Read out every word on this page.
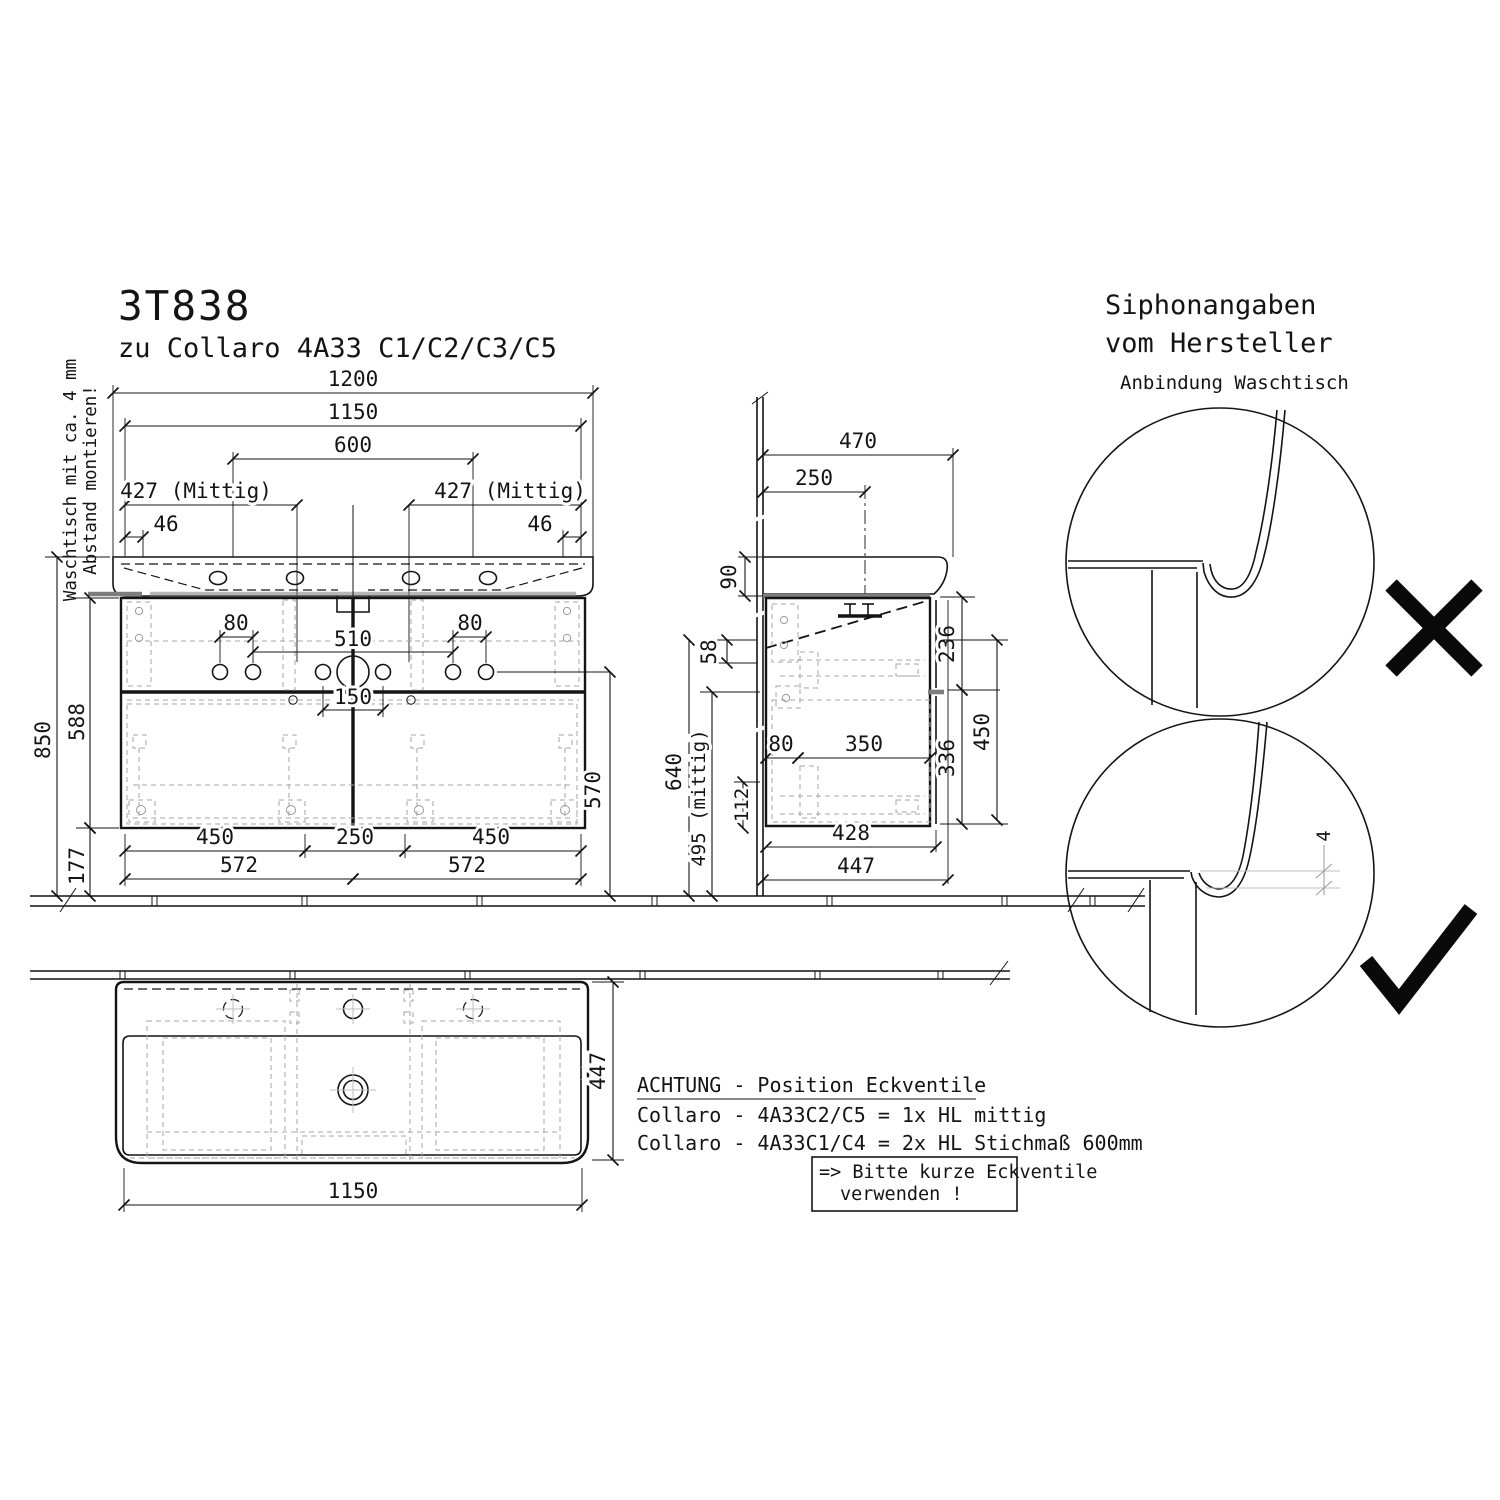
3T838
zu Collaro 4A33 C1/C2/C3/C5
1200
1150
600
427 (Mittig)	427 (Mittig)
46	46
80	80
510
150
570
850 588
177
Waschtisch mit ca. 4 mm Abstand montieren!
450	250	450
572	572
470
250
90
58
640 495 (mittig) 112
80 350
236
336
450
428
447
1150
447 ACHTUNG - Position Eckventile
Collaro - 4A33C2/C5 = 1x HL mittig
Collaro - 4A33C1/C4 = 2x HL Stichmaß 600mm
=> Bitte kurze Eckventile
verwenden !
Siphonangaben
vom Hersteller
Anbindung Waschtisch
4
